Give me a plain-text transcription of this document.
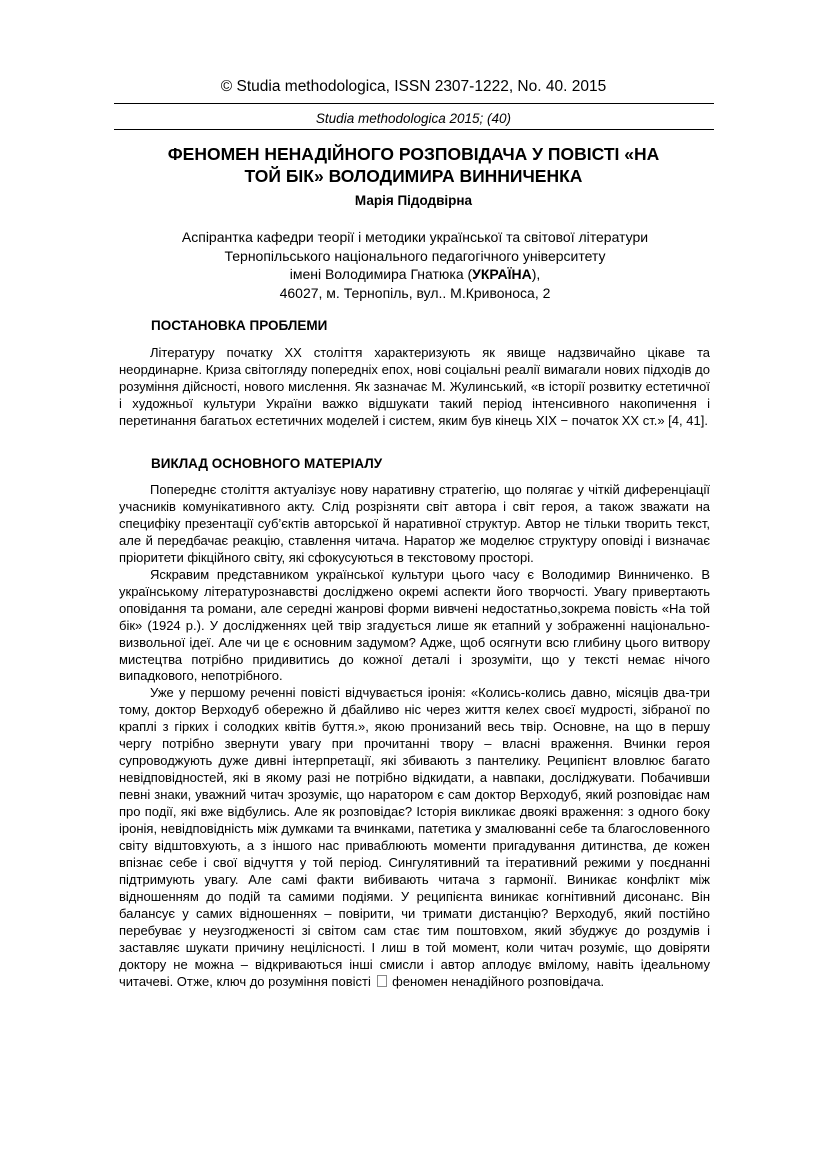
© Studia methodologica, ISSN 2307-1222, No. 40. 2015
Studia methodologica 2015; (40)
ФЕНОМЕН НЕНАДІЙНОГО РОЗПОВІДАЧА У ПОВІСТІ «НА
ТОЙ БІК» ВОЛОДИМИРА ВИННИЧЕНКА
Марія Підодвірна
Аспірантка кафедри теорії і методики української та світової літератури
Тернопільського національного педагогічного університету
імені Володимира Гнатюка (УКРАЇНА),
46027, м. Тернопіль, вул.. М.Кривоноса, 2
ПОСТАНОВКА ПРОБЛЕМИ

Літературу початку ХХ століття характеризують як явище надзвичайно цікаве та неординарне. Криза світогляду попередніх епох, нові соціальні реалії вимагали нових підходів до розуміння дійсності, нового мислення. Як зазначає М. Жулинський, «в історії розвитку естетичної і художньої культури України важко відшукати такий період інтенсивного накопичення і перетинання багатьох естетичних моделей і систем, яким був кінець ХІХ − початок ХХ ст.» [4, 41].

ВИКЛАД ОСНОВНОГО МАТЕРІАЛУ

Попереднє століття актуалізує нову наративну стратегію, що полягає у чіткій диференціації учасників комунікативного акту. Слід розрізняти світ автора і світ героя, а також зважати на специфіку презентації суб’єктів авторської й наративної структур. Автор не тільки творить текст, але й передбачає реакцію, ставлення читача. Наратор же моделює структуру оповіді і визначає пріоритети фікційного світу, які сфокусуються в текстовому просторі.

Яскравим представником української культури цього часу є Володимир Винниченко. В українському літературознавстві досліджено окремі аспекти його творчості. Увагу привертають оповідання та романи, але середні жанрові форми вивчені недостатньо,зокрема повість «На той бік» (1924 р.). У дослідженнях цей твір згадується лише як етапний у зображенні національно-визвольної ідеї. Але чи це є основним задумом? Адже, щоб осягнути всю глибину цього витвору мистецтва потрібно придивитись до кожної деталі і зрозуміти, що у тексті немає нічого випадкового, непотрібного.

Уже у першому реченні повісті відчувається іронія: «Колись-колись давно, місяців два-три тому, доктор Верходуб обережно й дбайливо ніс через життя келех своєї мудрості, зібраної по краплі з гірких і солодких квітів буття.», якою пронизаний весь твір. Основне, на що в першу чергу потрібно звернути увагу при прочитанні твору – власні враження. Вчинки героя супроводжують дуже дивні інтерпретації, які збивають з пантелику. Реципієнт вловлює багато невідповідностей, які в якому разі не потрібно відкидати, а навпаки, досліджувати. Побачивши певні знаки, уважний читач зрозуміє, що наратором є сам доктор Верходуб, який розповідає нам про події, які вже відбулись. Але як розповідає? Історія викликає двоякі враження: з одного боку іронія, невідповідність між думками та вчинками, патетика у змалюванні себе та благословенного світу відштовхують, а з іншого нас приваблюють моменти пригадування дитинства, де кожен впізнає себе і свої відчуття у той період. Сингулятивний та ітеративний режими у поєднанні підтримують увагу. Але самі факти вибивають читача з гармонії. Виникає конфлікт між відношенням до подій та самими подіями. У реципієнта виникає когнітивний дисонанс. Він балансує у самих відношеннях – повірити, чи тримати дистанцію? Верходуб, який постійно перебуває у неузгодженості зі світом сам стає тим поштовхом, який збуджує до роздумів і заставляє шукати причину неціліcності. І лиш в той момент, коли читач розуміє, що довіряти доктору не можна – відкриваються інші смисли і автор аплодує вмілому, навіть ідеальному читачеві. Отже, ключ до розуміння повісті феномен ненадійного розповідача.
